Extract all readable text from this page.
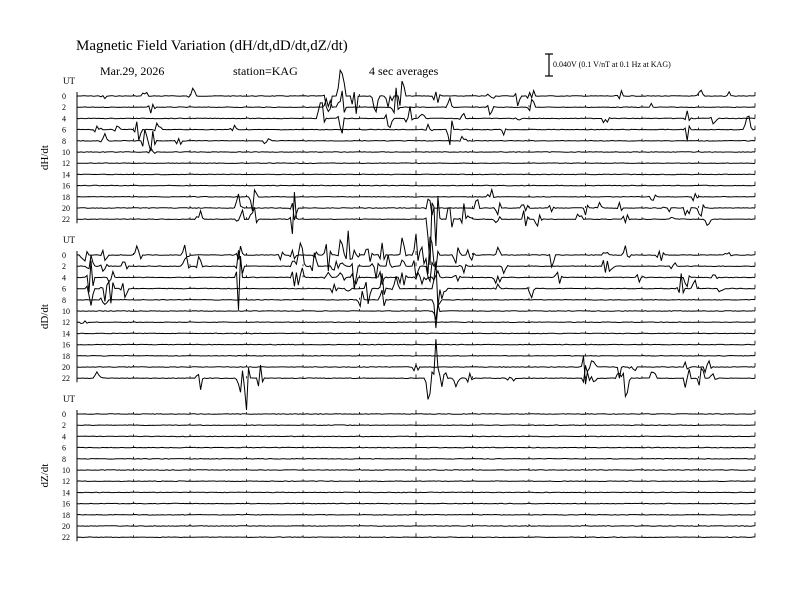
Magnetic Field Variation (dH/dt,dD/dt,dZ/dt)
Mar.29, 2026	station=KAG	4 sec averages	0.040V (0.1 V/nT at 0.1 Hz at KAG)
UT
dH/dt
0
2
4
6
8
10
12
14
16
18
20
22
UT
dD/dt
0
2
4
6
8
10
12
14
16
18
20
22
UT
dZ/dt
0
2
4
6
8
10
12
14
16
18
20
22
